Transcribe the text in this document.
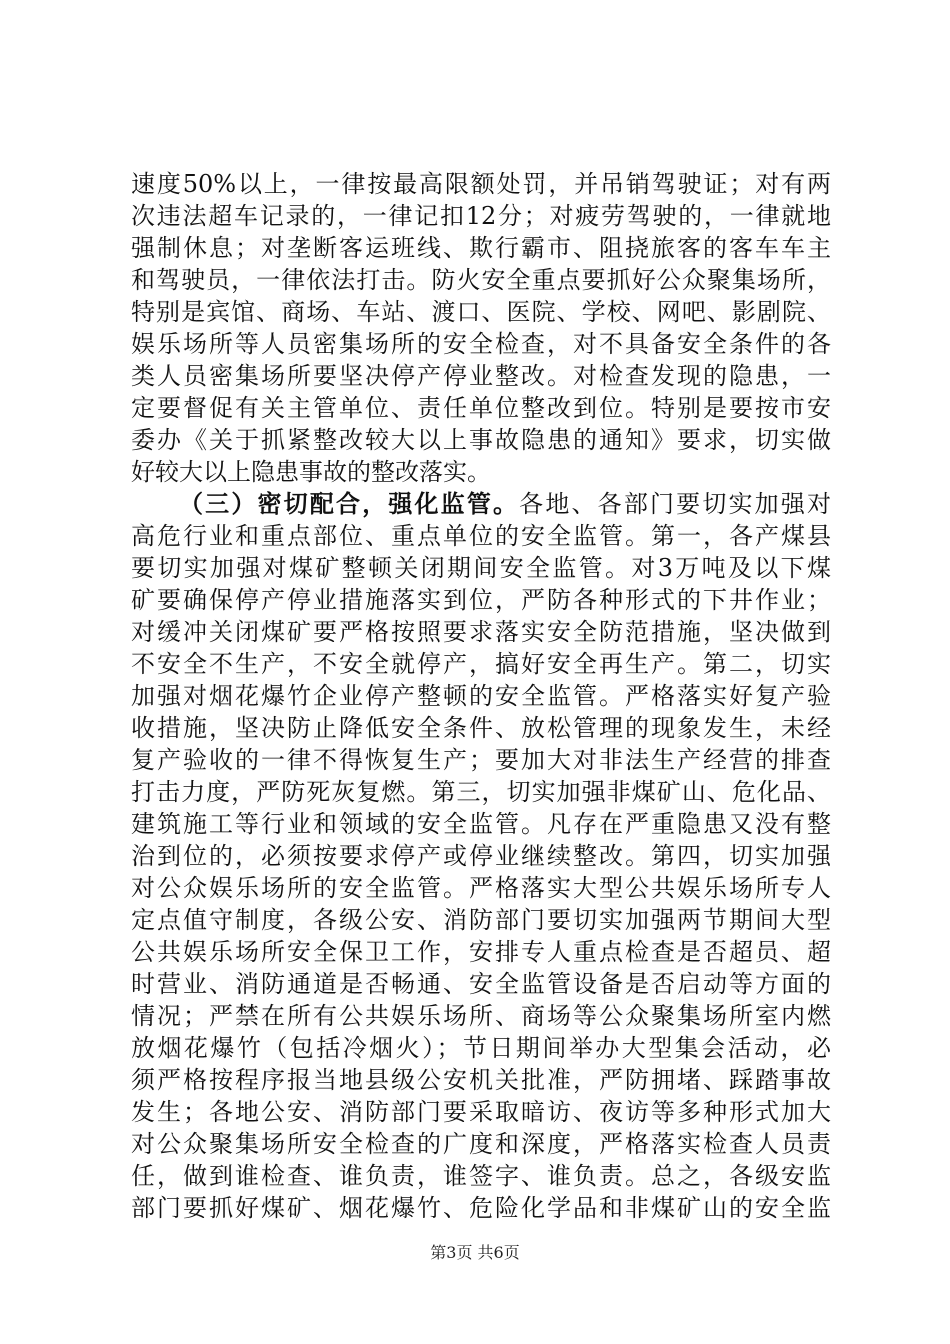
速度50%以上，一律按最高限额处罚，并吊销驾驶证；对有两
次违法超车记录的，一律记扣12分；对疲劳驾驶的，一律就地
强制休息；对垄断客运班线、欺行霸市、阻挠旅客的客车车主
和驾驶员，一律依法打击。防火安全重点要抓好公众聚集场所，
特别是宾馆、商场、车站、渡口、医院、学校、网吧、影剧院、
娱乐场所等人员密集场所的安全检查，对不具备安全条件的各
类人员密集场所要坚决停产停业整改。对检查发现的隐患，一
定要督促有关主管单位、责任单位整改到位。特别是要按市安
委办《关于抓紧整改较大以上事故隐患的通知》要求，切实做
好较大以上隐患事故的整改落实。
（三）密切配合，强化监管。各地、各部门要切实加强对
高危行业和重点部位、重点单位的安全监管。第一，各产煤县
要切实加强对煤矿整顿关闭期间安全监管。对3万吨及以下煤
矿要确保停产停业措施落实到位，严防各种形式的下井作业；
对缓冲关闭煤矿要严格按照要求落实安全防范措施，坚决做到
不安全不生产，不安全就停产，搞好安全再生产。第二，切实
加强对烟花爆竹企业停产整顿的安全监管。严格落实好复产验
收措施，坚决防止降低安全条件、放松管理的现象发生，未经
复产验收的一律不得恢复生产；要加大对非法生产经营的排查
打击力度，严防死灰复燃。第三，切实加强非煤矿山、危化品、
建筑施工等行业和领域的安全监管。凡存在严重隐患又没有整
治到位的，必须按要求停产或停业继续整改。第四，切实加强
对公众娱乐场所的安全监管。严格落实大型公共娱乐场所专人
定点值守制度，各级公安、消防部门要切实加强两节期间大型
公共娱乐场所安全保卫工作，安排专人重点检查是否超员、超
时营业、消防通道是否畅通、安全监管设备是否启动等方面的
情况；严禁在所有公共娱乐场所、商场等公众聚集场所室内燃
放烟花爆竹（包括冷烟火）；节日期间举办大型集会活动，必
须严格按程序报当地县级公安机关批准，严防拥堵、踩踏事故
发生；各地公安、消防部门要采取暗访、夜访等多种形式加大
对公众聚集场所安全检查的广度和深度，严格落实检查人员责
任，做到谁检查、谁负责，谁签字、谁负责。总之，各级安监
部门要抓好煤矿、烟花爆竹、危险化学品和非煤矿山的安全监
第3页 共6页
